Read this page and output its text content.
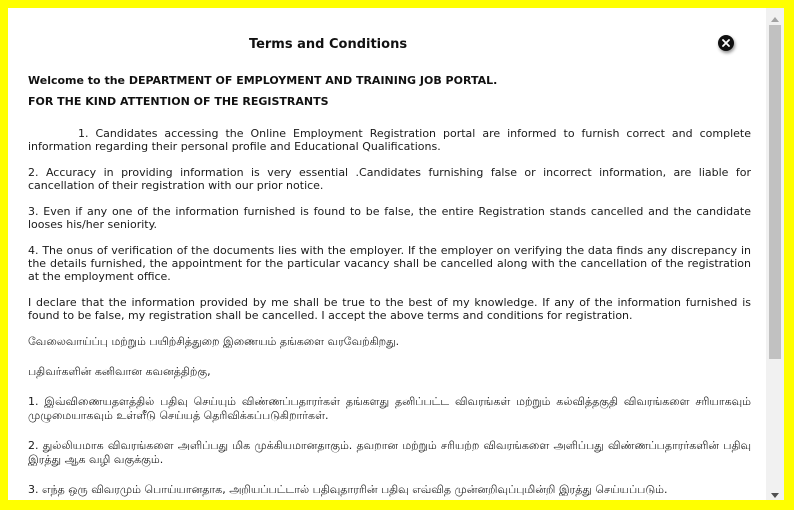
Terms and Conditions
Welcome to the DEPARTMENT OF EMPLOYMENT AND TRAINING JOB PORTAL.
FOR THE KIND ATTENTION OF THE REGISTRANTS

1. Candidates accessing the Online Employment Registration portal are informed to furnish correct and complete information regarding their personal profile and Educational Qualifications.

2. Accuracy in providing information is very essential .Candidates furnishing false or incorrect information, are liable for cancellation of their registration with our prior notice.

3. Even if any one of the information furnished is found to be false, the entire Registration stands cancelled and the candidate looses his/her seniority.

4. The onus of verification of the documents lies with the employer. If the employer on verifying the data finds any discrepancy in the details furnished, the appointment for the particular vacancy shall be cancelled along with the cancellation of the registration at the employment office.

I declare that the information provided by me shall be true to the best of my knowledge. If any of the information furnished is found to be false, my registration shall be cancelled. I accept the above terms and conditions for registration.

வேலைவாய்ப்பு மற்றும் பயிற்சித்துறை இணையம் தங்களை வரவேற்கிறது.

பதிவர்களின் கனிவான கவனத்திற்கு,

1. இவ்விணையதளத்தில் பதிவு செய்யும் விண்ணப்பதாரர்கள் தங்களது தனிப்பட்ட விவரங்கள் மற்றும் கல்வித்தகுதி விவரங்களை சரியாகவும் முழுமையாகவும் உள்ளீடு செய்யத் தெரிவிக்கப்படுகிறார்கள்.

2. துல்லியமாக விவரங்களை அளிப்பது மிக முக்கியமானதாகும். தவறான மற்றும் சரியற்ற விவரங்களை அளிப்பது விண்ணப்பதாரர்களின் பதிவு இரத்து ஆக வழி வகுக்கும்.

3. எந்த ஒரு விவரமும் பொய்யானதாக, அறியப்பட்டால் பதிவுதாரரின் பதிவு எவ்வித முன்னறிவுப்புமின்றி இரத்து செய்யப்படும்.
